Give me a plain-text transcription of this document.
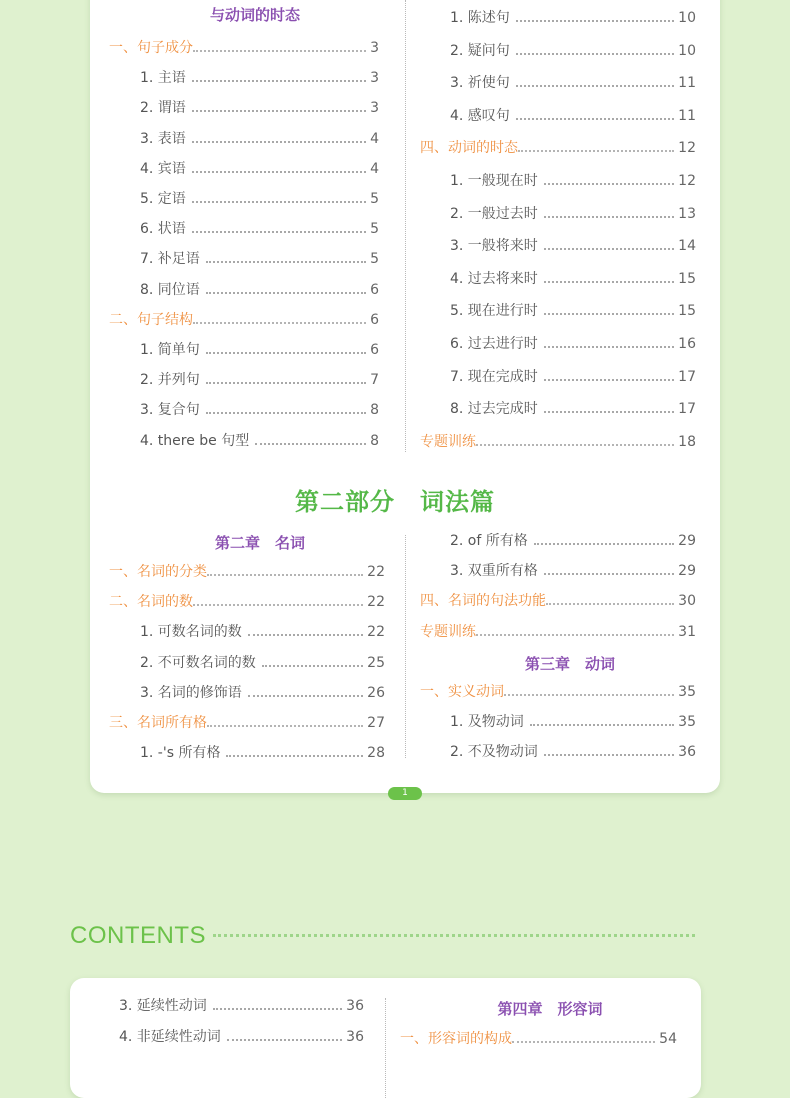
与动词的时态
一、句子成分	3
1. 主语	3
2. 谓语	3
3. 表语	4
4. 宾语	4
5. 定语	5
6. 状语	5
7. 补足语	5
8. 同位语	6
二、句子结构	6
1. 简单句	6
2. 并列句	7
3. 复合句	8
4. there be 句型	8
1. 陈述句	10
2. 疑问句	10
3. 祈使句	11
4. 感叹句	11
四、动词的时态	12
1. 一般现在时	12
2. 一般过去时	13
3. 一般将来时	14
4. 过去将来时	15
5. 现在进行时	15
6. 过去进行时	16
7. 现在完成时	17
8. 过去完成时	17
专题训练	18
第二章　名词
一、名词的分类	22
二、名词的数	22
1. 可数名词的数	22
2. 不可数名词的数	25
3. 名词的修饰语	26
三、名词所有格	27
1. -'s 所有格	28
2. of 所有格	29
3. 双重所有格	29
四、名词的句法功能	30
专题训练	31
第三章　动词
一、实义动词	35
1. 及物动词	35
2. 不及物动词	36
第二部分　词法篇
1
CONTENTS
3. 延续性动词	36
4. 非延续性动词	36
第四章　形容词
一、形容词的构成	54
